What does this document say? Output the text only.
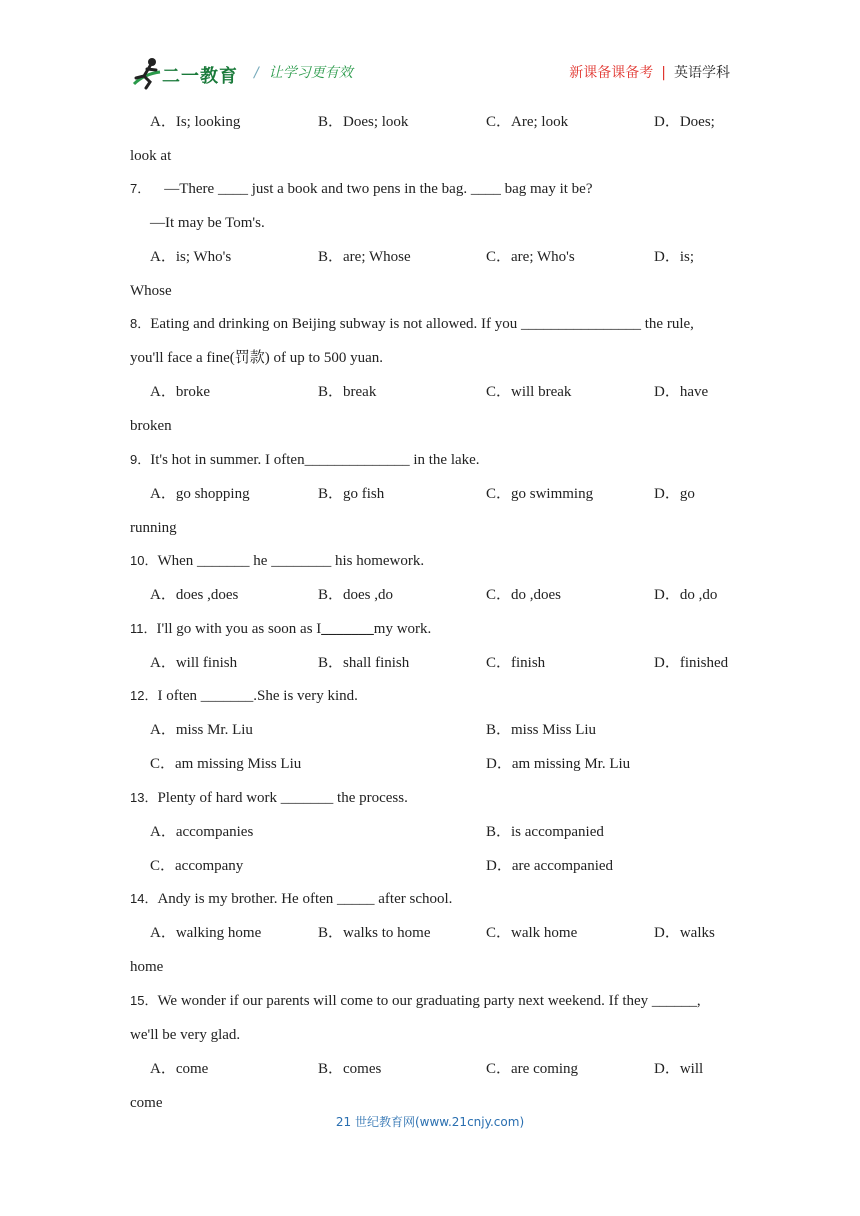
二一教育 / 让学习更有效	新课备课备考 | 英语学科
A．Is; looking	B．Does; look	C．Are; look	D．Does;
look at
7． —There ____ just a book and two pens in the bag. ____ bag may it be?
—It may be Tom's.
A．is; Who's	B．are; Whose	C．are; Who's	D．is;
Whose
8．Eating and drinking on Beijing subway is not allowed. If you ________________ the rule,
you'll face a fine(罚款) of up to 500 yuan.
A．broke	B．break	C．will break	D．have
broken
9．It's hot in summer. I often______________ in the lake.
A．go shopping	B．go fish	C．go swimming	D．go
running
10．When _______ he ________ his homework.
A．does ,does	B．does ,do	C．do ,does	D．do ,do
11．I'll go with you as soon as I_______my work.
A．will finish	B．shall finish	C．finish	D．finished
12．I often _______.She is very kind.
A．miss Mr. Liu	B．miss Miss Liu
C．am missing Miss Liu	D．am missing Mr. Liu
13．Plenty of hard work _______ the process.
A．accompanies	B．is accompanied
C．accompany	D．are accompanied
14．Andy is my brother. He often _____ after school.
A．walking home	B．walks to home	C．walk home	D．walks
home
15．We wonder if our parents will come to our graduating party next weekend. If they ______,
we'll be very glad.
A．come	B．comes	C．are coming	D．will
come
21 世纪教育网(www.21cnjy.com)
